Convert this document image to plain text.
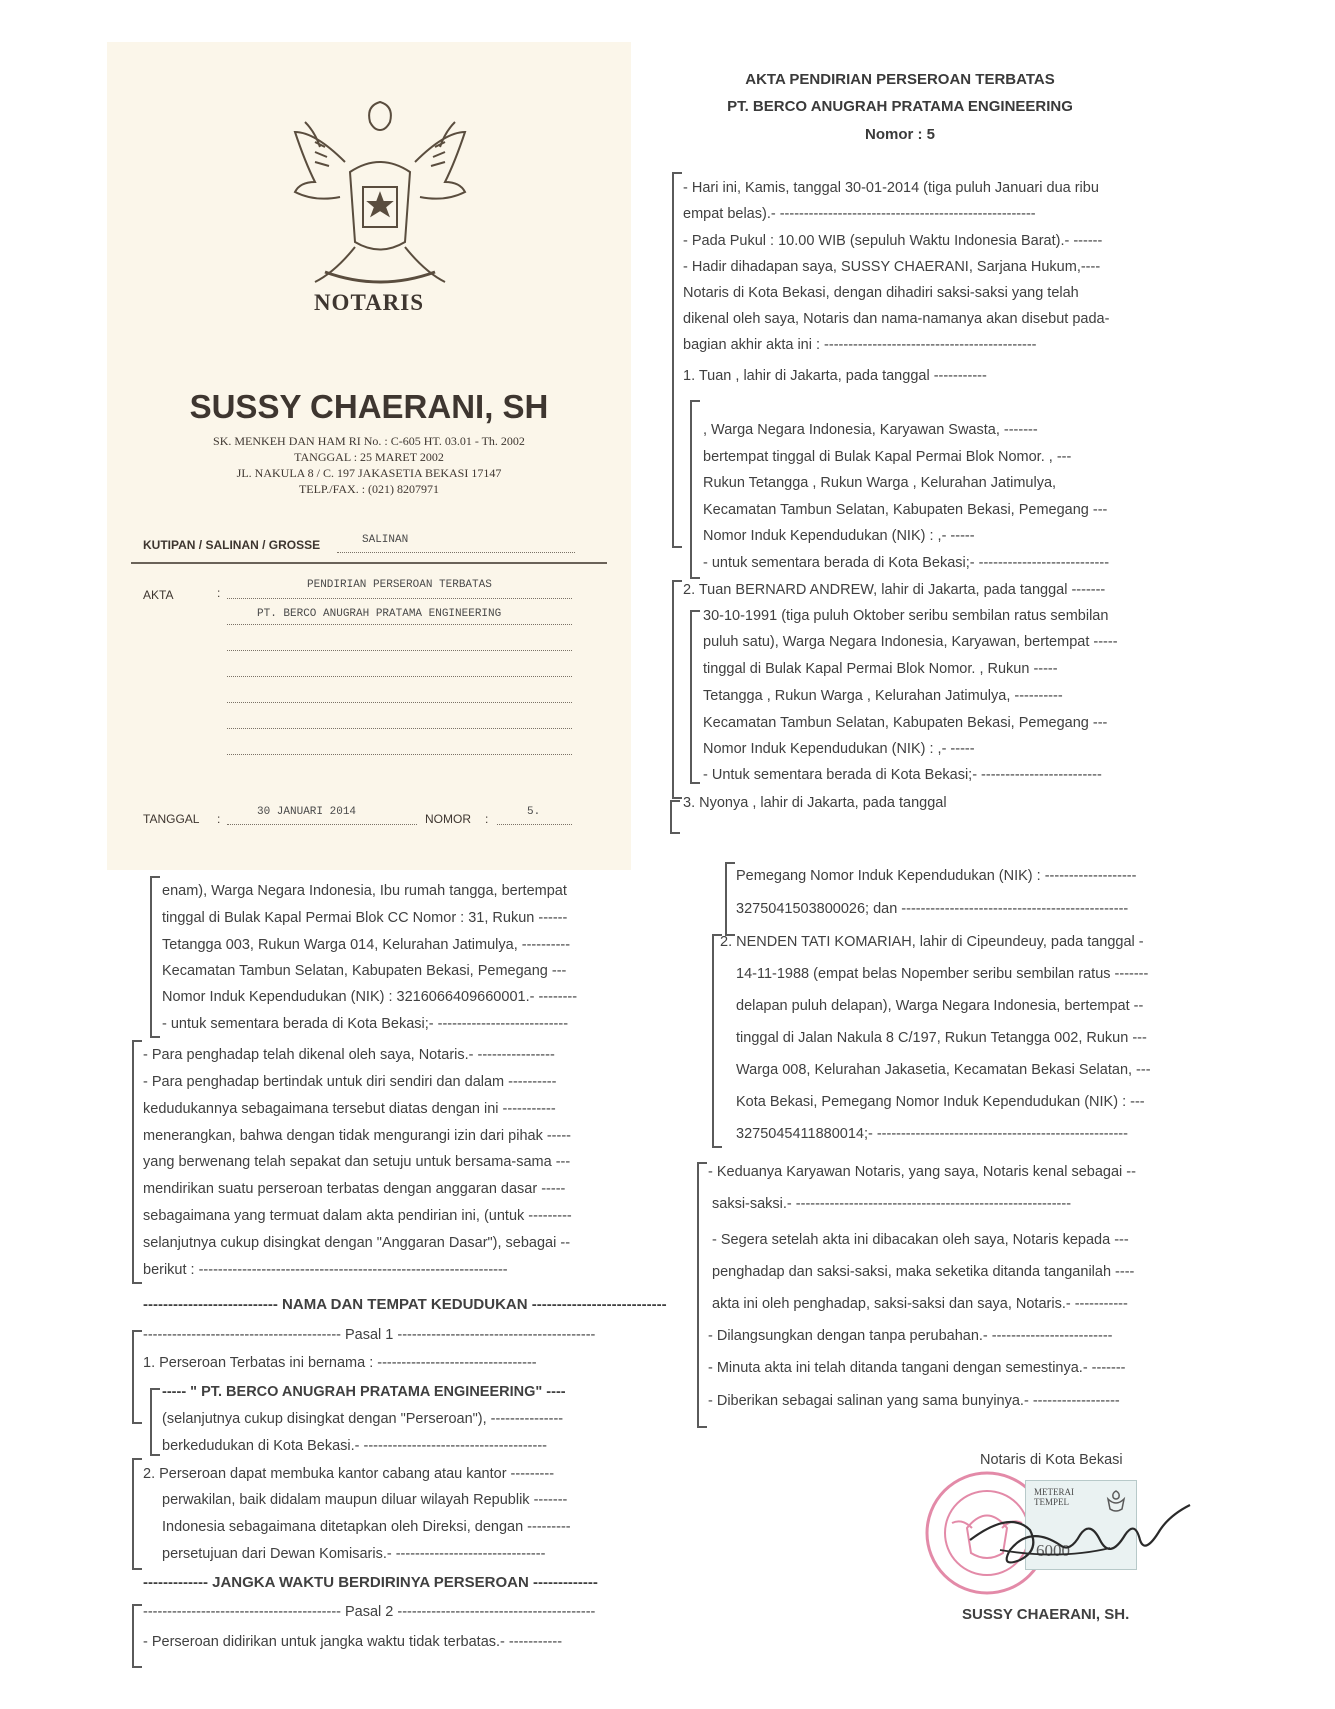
NOTARIS
SUSSY CHAERANI, SH
SK. MENKEH DAN HAM RI No. : C-605 HT. 03.01 - Th. 2002
TANGGAL : 25 MARET 2002
JL. NAKULA 8 / C. 197 JAKASETIA BEKASI 17147
TELP./FAX. : (021) 8207971
KUTIPAN / SALINAN / GROSSE	SALINAN
AKTA	:
PENDIRIAN PERSEROAN TERBATAS
PT. BERCO ANUGRAH PRATAMA ENGINEERING
TANGGAL :	30 JANUARI 2014	NOMOR :	5.
AKTA PENDIRIAN PERSEROAN TERBATAS
PT. BERCO ANUGRAH PRATAMA ENGINEERING
Nomor : 5
- Hari ini, Kamis, tanggal 30-01-2014 (tiga puluh Januari dua ribu
empat belas).- -----------------------------------------------------
- Pada Pukul : 10.00 WIB (sepuluh Waktu Indonesia Barat).- ------
- Hadir dihadapan saya, SUSSY CHAERANI, Sarjana Hukum,----
Notaris di Kota Bekasi, dengan dihadiri saksi-saksi yang telah
dikenal oleh saya, Notaris dan nama-namanya akan disebut pada-
bagian akhir akta ini : --------------------------------------------
1. Tuan , lahir di Jakarta, pada tanggal -----------
, Warga Negara Indonesia, Karyawan Swasta, -------
bertempat tinggal di Bulak Kapal Permai Blok Nomor. , ---
Rukun Tetangga , Rukun Warga , Kelurahan Jatimulya,
Kecamatan Tambun Selatan, Kabupaten Bekasi, Pemegang ---
Nomor Induk Kependudukan (NIK) : ,- -----
- untuk sementara berada di Kota Bekasi;- ---------------------------
2. Tuan BERNARD ANDREW, lahir di Jakarta, pada tanggal -------
30-10-1991 (tiga puluh Oktober seribu sembilan ratus sembilan
puluh satu), Warga Negara Indonesia, Karyawan, bertempat -----
tinggal di Bulak Kapal Permai Blok Nomor. , Rukun -----
Tetangga , Rukun Warga , Kelurahan Jatimulya, ----------
Kecamatan Tambun Selatan, Kabupaten Bekasi, Pemegang ---
Nomor Induk Kependudukan (NIK) : ,- -----
- Untuk sementara berada di Kota Bekasi;- -------------------------
3. Nyonya , lahir di Jakarta, pada tanggal
enam), Warga Negara Indonesia, Ibu rumah tangga, bertempat
tinggal di Bulak Kapal Permai Blok CC Nomor : 31, Rukun ------
Tetangga 003, Rukun Warga 014, Kelurahan Jatimulya, ----------
Kecamatan Tambun Selatan, Kabupaten Bekasi, Pemegang ---
Nomor Induk Kependudukan (NIK) : 3216066409660001.- --------
- untuk sementara berada di Kota Bekasi;- ---------------------------
- Para penghadap telah dikenal oleh saya, Notaris.- ----------------
- Para penghadap bertindak untuk diri sendiri dan dalam ----------
kedudukannya sebagaimana tersebut diatas dengan ini -----------
menerangkan, bahwa dengan tidak mengurangi izin dari pihak -----
yang berwenang telah sepakat dan setuju untuk bersama-sama ---
mendirikan suatu perseroan terbatas dengan anggaran dasar -----
sebagaimana yang termuat dalam akta pendirian ini, (untuk ---------
selanjutnya cukup disingkat dengan "Anggaran Dasar"), sebagai --
berikut : ----------------------------------------------------------------
--------------------------- NAMA DAN TEMPAT KEDUDUKAN ---------------------------
----------------------------------------- Pasal 1 -----------------------------------------
1. Perseroan Terbatas ini bernama : ---------------------------------
----- " PT. BERCO ANUGRAH PRATAMA ENGINEERING" ----
(selanjutnya cukup disingkat dengan "Perseroan"), ---------------
berkedudukan di Kota Bekasi.- --------------------------------------
2. Perseroan dapat membuka kantor cabang atau kantor ---------
perwakilan, baik didalam maupun diluar wilayah Republik -------
Indonesia sebagaimana ditetapkan oleh Direksi, dengan ---------
persetujuan dari Dewan Komisaris.- -------------------------------
------------- JANGKA WAKTU BERDIRINYA PERSEROAN -------------
----------------------------------------- Pasal 2 -----------------------------------------
- Perseroan didirikan untuk jangka waktu tidak terbatas.- -----------
Pemegang Nomor Induk Kependudukan (NIK) : -------------------
3275041503800026; dan -----------------------------------------------
2. NENDEN TATI KOMARIAH, lahir di Cipeundeuy, pada tanggal -
14-11-1988 (empat belas Nopember seribu sembilan ratus -------
delapan puluh delapan), Warga Negara Indonesia, bertempat --
tinggal di Jalan Nakula 8 C/197, Rukun Tetangga 002, Rukun ---
Warga 008, Kelurahan Jakasetia, Kecamatan Bekasi Selatan, ---
Kota Bekasi, Pemegang Nomor Induk Kependudukan (NIK) : ---
3275045411880014;- ----------------------------------------------------
- Keduanya Karyawan Notaris, yang saya, Notaris kenal sebagai --
saksi-saksi.- ---------------------------------------------------------
- Segera setelah akta ini dibacakan oleh saya, Notaris kepada ---
penghadap dan saksi-saksi, maka seketika ditanda tanganilah ----
akta ini oleh penghadap, saksi-saksi dan saya, Notaris.- -----------
- Dilangsungkan dengan tanpa perubahan.- -------------------------
- Minuta akta ini telah ditanda tangani dengan semestinya.- -------
- Diberikan sebagai salinan yang sama bunyinya.- ------------------
Notaris di Kota Bekasi
METERAI TEMPEL
6000
SUSSY CHAERANI, SH.
